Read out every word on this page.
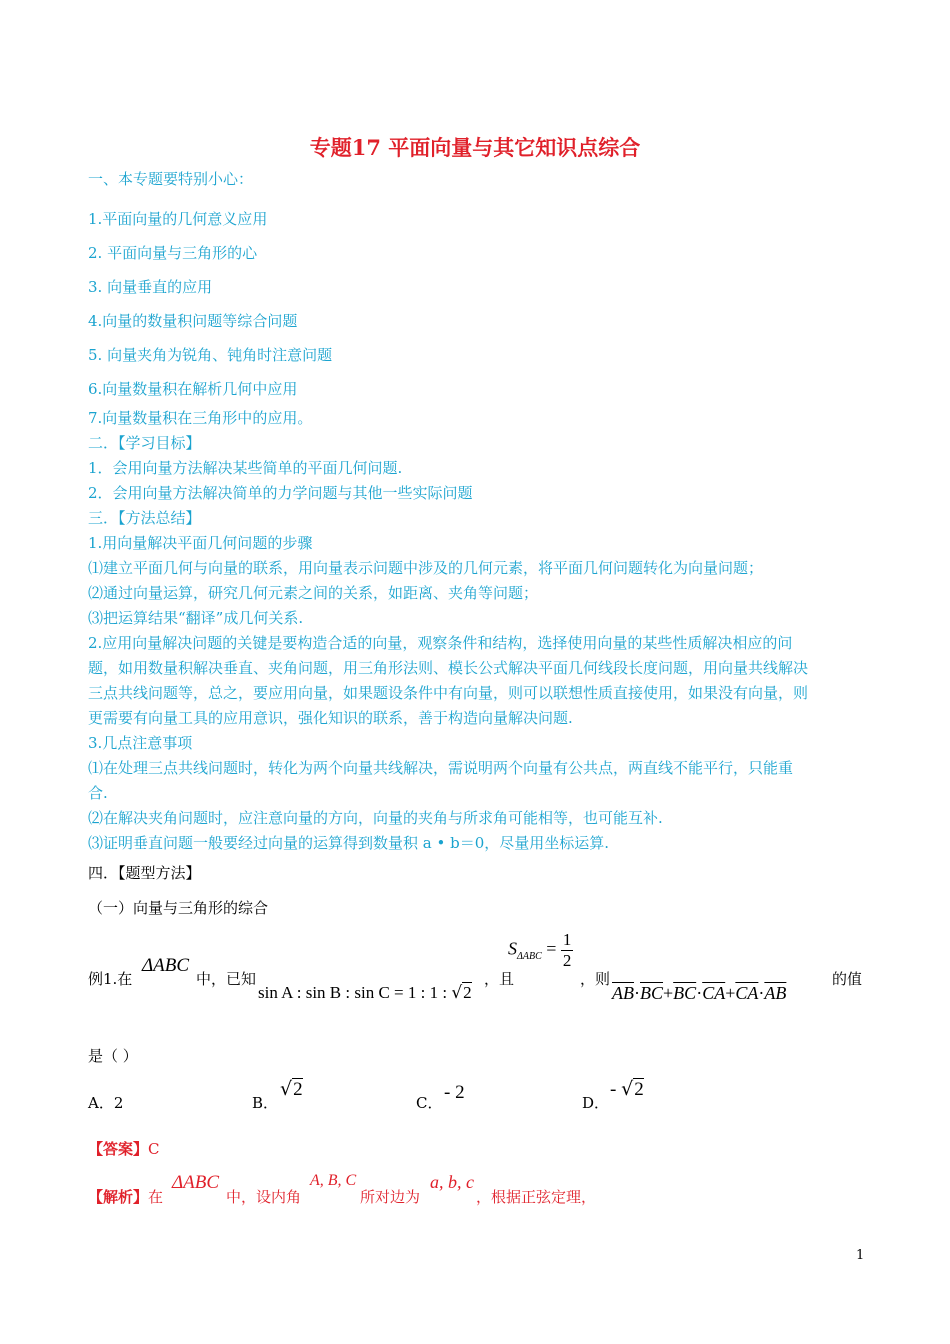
专题17 平面向量与其它知识点综合
一、本专题要特别小心：
1.平面向量的几何意义应用
2. 平面向量与三角形的心
3. 向量垂直的应用
4.向量的数量积问题等综合问题
5. 向量夹角为锐角、钝角时注意问题
6.向量数量积在解析几何中应用
7.向量数量积在三角形中的应用。
二．【学习目标】
1．会用向量方法解决某些简单的平面几何问题.
2．会用向量方法解决简单的力学问题与其他一些实际问题
三．【方法总结】
1.用向量解决平面几何问题的步骤
⑴建立平面几何与向量的联系，用向量表示问题中涉及的几何元素，将平面几何问题转化为向量问题；
⑵通过向量运算，研究几何元素之间的关系，如距离、夹角等问题；
⑶把运算结果“翻译”成几何关系.
2.应用向量解决问题的关键是要构造合适的向量，观察条件和结构，选择使用向量的某些性质解决相应的问
题，如用数量积解决垂直、夹角问题，用三角形法则、模长公式解决平面几何线段长度问题，用向量共线解决
三点共线问题等，总之，要应用向量，如果题设条件中有向量，则可以联想性质直接使用，如果没有向量，则
更需要有向量工具的应用意识，强化知识的联系，善于构造向量解决问题.
3.几点注意事项
⑴在处理三点共线问题时，转化为两个向量共线解决，需说明两个向量有公共点，两直线不能平行，只能重
合.
⑵在解决夹角问题时，应注意向量的方向，向量的夹角与所求角可能相等，也可能互补.
⑶证明垂直问题一般要经过向量的运算得到数量积 a • b＝0，尽量用坐标运算.
四．【题型方法】
（一）向量与三角形的综合
例1.在
ΔABC
中，已知
sin A : sin B : sin C = 1 : 1 : √2
，且
$S_{\Delta ABC} = \frac{1}{2}$
，则
$\overline{AB}\cdot\overline{BC}+\overline{BC}\cdot\overline{CA}+\overline{CA}\cdot\overline{AB}$
的值
是（ ）
A．2	B．
√2
C． - 2	D．
- √2
【答案】C
【解析】在
ΔABC
中，设内角
A, B, C
所对边为
a, b, c
，根据正弦定理，
1
